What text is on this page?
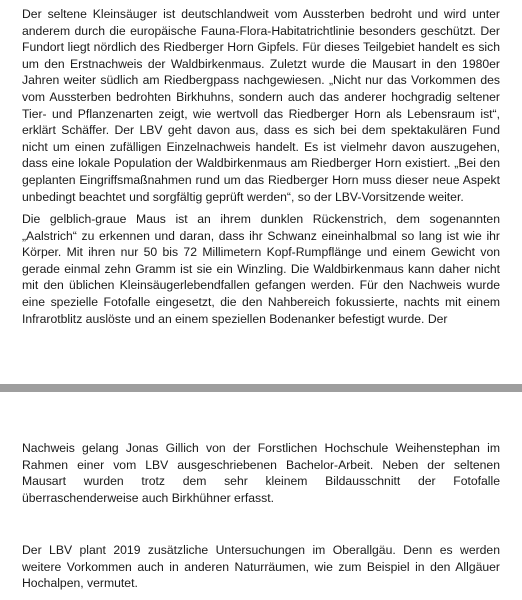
Der seltene Kleinsäuger ist deutschlandweit vom Aussterben bedroht und wird unter anderem durch die europäische Fauna-Flora-Habitatrichtlinie besonders geschützt. Der Fundort liegt nördlich des Riedberger Horn Gipfels. Für dieses Teilgebiet handelt es sich um den Erstnachweis der Waldbirkenmaus. Zuletzt wurde die Mausart in den 1980er Jahren weiter südlich am Riedbergpass nachgewiesen. „Nicht nur das Vorkommen des vom Aussterben bedrohten Birkhuhns, sondern auch das anderer hochgradig seltener Tier- und Pflanzenarten zeigt, wie wertvoll das Riedberger Horn als Lebensraum ist“, erklärt Schäffer. Der LBV geht davon aus, dass es sich bei dem spektakulären Fund nicht um einen zufälligen Einzelnachweis handelt. Es ist vielmehr davon auszugehen, dass eine lokale Population der Waldbirkenmaus am Riedberger Horn existiert. „Bei den geplanten Eingriffsmaßnahmen rund um das Riedberger Horn muss dieser neue Aspekt unbedingt beachtet und sorgfältig geprüft werden“, so der LBV-Vorsitzende weiter.

Die gelblich-graue Maus ist an ihrem dunklen Rückenstrich, dem sogenannten „Aalstrich“ zu erkennen und daran, dass ihr Schwanz eineinhalbmal so lang ist wie ihr Körper. Mit ihren nur 50 bis 72 Millimetern Kopf-Rumpflänge und einem Gewicht von gerade einmal zehn Gramm ist sie ein Winzling. Die Waldbirkenmaus kann daher nicht mit den üblichen Kleinsäugerlebendfallen gefangen werden. Für den Nachweis wurde eine spezielle Fotofalle eingesetzt, die den Nahbereich fokussierte, nachts mit einem Infrarotblitz auslöste und an einem speziellen Bodenanker befestigt wurde. Der

Nachweis gelang Jonas Gillich von der Forstlichen Hochschule Weihenstephan im Rahmen einer vom LBV ausgeschriebenen Bachelor-Arbeit. Neben der seltenen Mausart wurden trotz dem sehr kleinem Bildausschnitt der Fotofalle überraschenderweise auch Birkhühner erfasst.

Der LBV plant 2019 zusätzliche Untersuchungen im Oberallgäu. Denn es werden weitere Vorkommen auch in anderen Naturräumen, wie zum Beispiel in den Allgäuer Hochalpen, vermutet.
